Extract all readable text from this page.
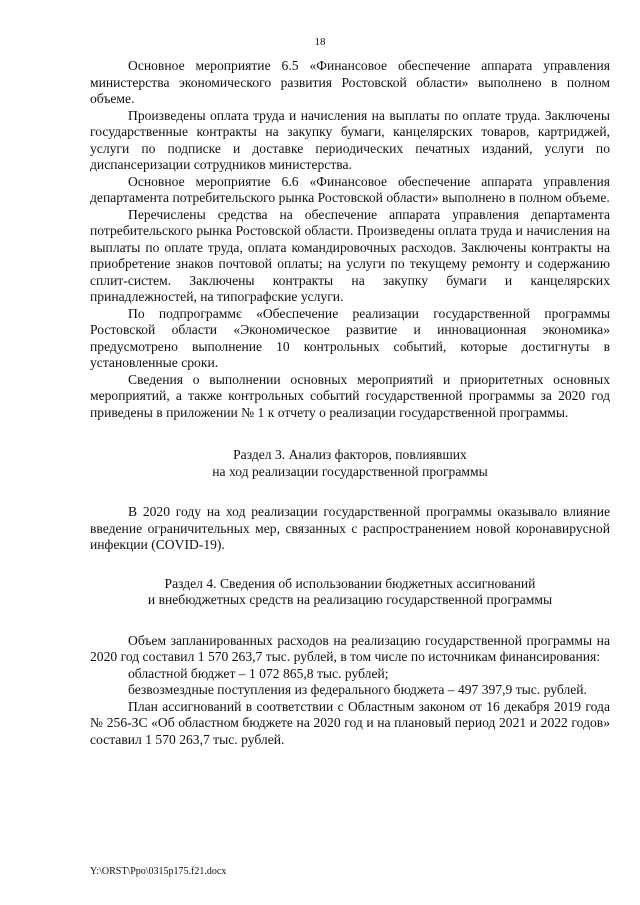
18

Основное мероприятие 6.5 «Финансовое обеспечение аппарата управления министерства экономического развития Ростовской области» выполнено в полном объеме.

Произведены оплата труда и начисления на выплаты по оплате труда. Заключены государственные контракты на закупку бумаги, канцелярских товаров, картриджей, услуги по подписке и доставке периодических печатных изданий, услуги по диспансеризации сотрудников министерства.

Основное мероприятие 6.6 «Финансовое обеспечение аппарата управления департамента потребительского рынка Ростовской области» выполнено в полном объеме.

Перечислены средства на обеспечение аппарата управления департамента потребительского рынка Ростовской области. Произведены оплата труда и начисления на выплаты по оплате труда, оплата командировочных расходов. Заключены контракты на приобретение знаков почтовой оплаты; на услуги по текущему ремонту и содержанию сплит-систем. Заключены контракты на закупку бумаги и канцелярских принадлежностей, на типографские услуги.

По подпрограммє «Обеспечение реализации государственной программы Ростовской области «Экономическое развитие и инновационная экономика» предусмотрено выполнение 10 контрольных событий, которые достигнуты в установленные сроки.

Сведения о выполнении основных мероприятий и приоритетных основных мероприятий, а также контрольных событий государственной программы за 2020 год приведены в приложении № 1 к отчету о реализации государственной программы.

Раздел 3. Анализ факторов, повлиявших

на ход реализации государственной программы

В 2020 году на ход реализации государственной программы оказывало влияние введение ограничительных мер, связанных с распространением новой коронавирусной инфекции (COVID-19).

Раздел 4. Сведения об использовании бюджетных ассигнований

и внебюджетных средств на реализацию государственной программы

Объем запланированных расходов на реализацию государственной программы на 2020 год составил 1 570 263,7 тыс. рублей, в том числе по источникам финансирования:

областной бюджет – 1 072 865,8 тыс. рублей;

безвозмездные поступления из федерального бюджета – 497 397,9 тыс. рублей.

План ассигнований в соответствии с Областным законом от 16 декабря 2019 года № 256-ЗС «Об областном бюджете на 2020 год и на плановый период 2021 и 2022 годов» составил 1 570 263,7 тыс. рублей.

Y:\ORST\Ppo\0315p175.f21.docx
